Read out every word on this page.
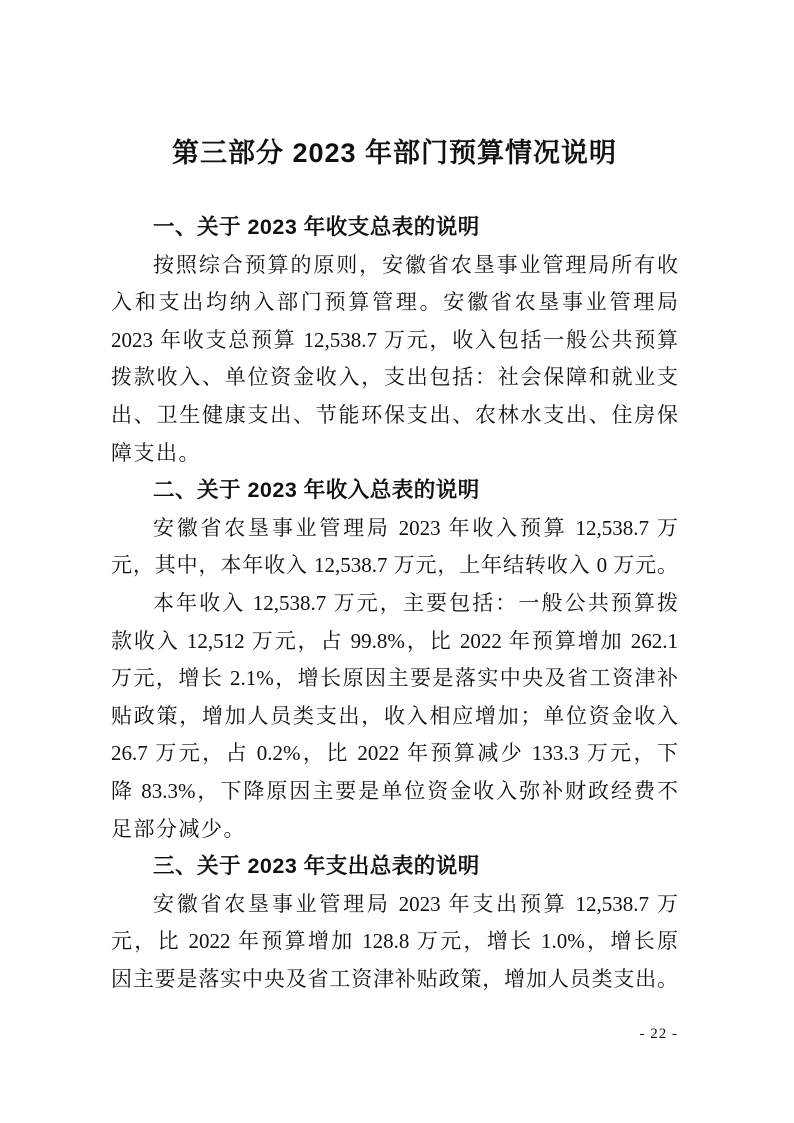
第三部分 2023 年部门预算情况说明
一、关于 2023 年收支总表的说明
按照综合预算的原则，安徽省农垦事业管理局所有收
入和支出均纳入部门预算管理。安徽省农垦事业管理局
2023 年收支总预算 12,538.7 万元，收入包括一般公共预算
拨款收入、单位资金收入，支出包括：社会保障和就业支
出、卫生健康支出、节能环保支出、农林水支出、住房保
障支出。
二、关于 2023 年收入总表的说明
安徽省农垦事业管理局 2023 年收入预算 12,538.7 万
元，其中，本年收入 12,538.7 万元，上年结转收入 0 万元。
本年收入 12,538.7 万元，主要包括：一般公共预算拨
款收入 12,512 万元，占 99.8%，比 2022 年预算增加 262.1
万元，增长 2.1%，增长原因主要是落实中央及省工资津补
贴政策，增加人员类支出，收入相应增加；单位资金收入
26.7 万元，占 0.2%，比 2022 年预算减少 133.3 万元，下
降 83.3%，下降原因主要是单位资金收入弥补财政经费不
足部分减少。
三、关于 2023 年支出总表的说明
安徽省农垦事业管理局 2023 年支出预算 12,538.7 万
元，比 2022 年预算增加 128.8 万元，增长 1.0%，增长原
因主要是落实中央及省工资津补贴政策，增加人员类支出。
- 22 -
